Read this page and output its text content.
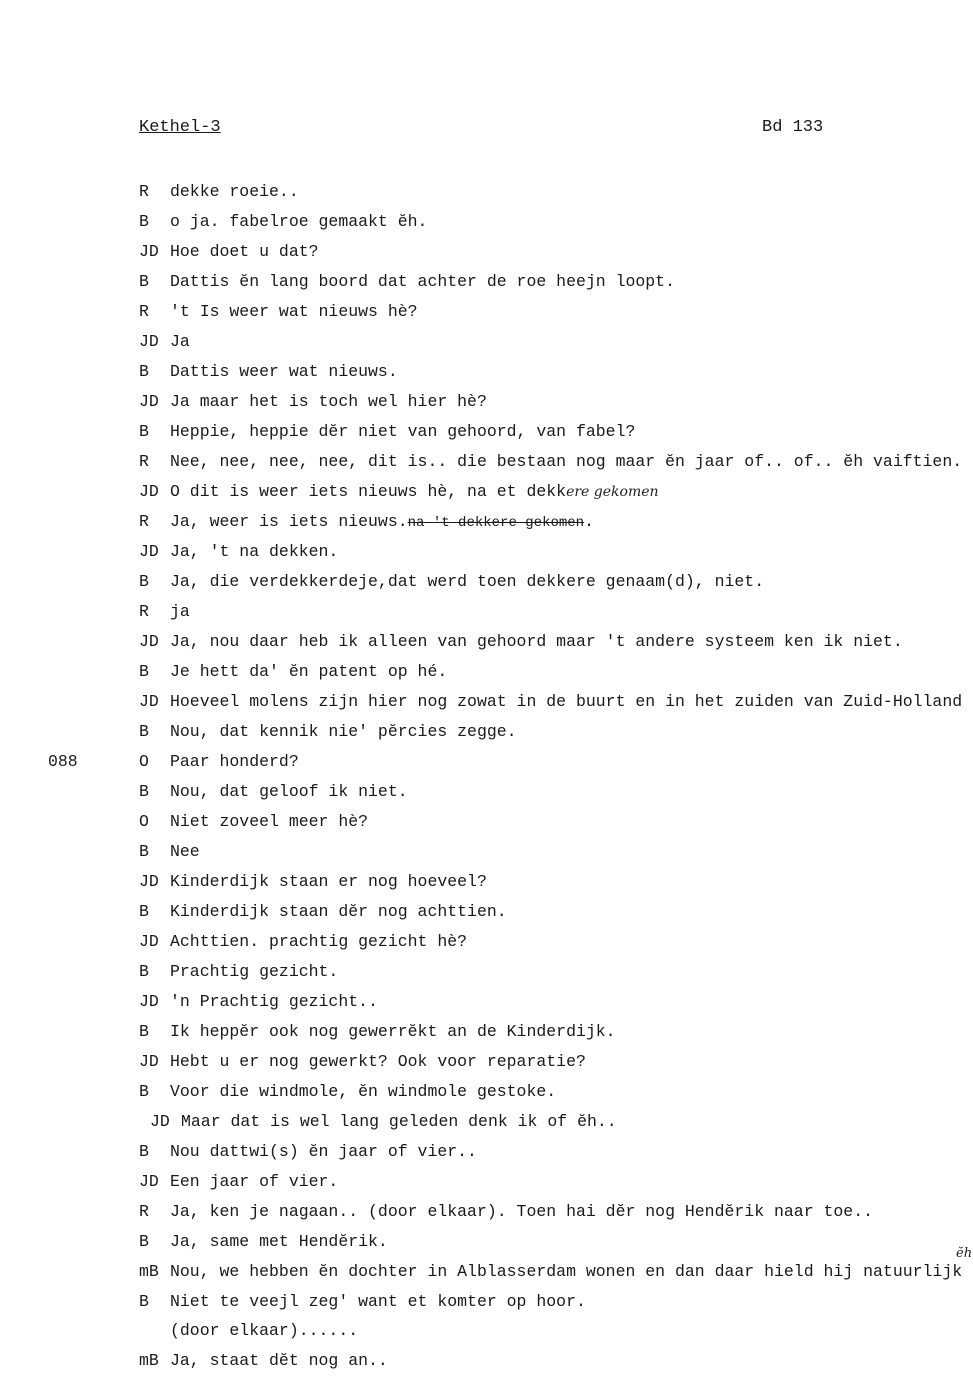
Kethel-3	Bd 133
088
ĕh
R dekke roeie..
B o ja. fabelroe gemaakt ĕh.
JD Hoe doet u dat?
B Dattis ĕn lang boord dat achter de roe heejn loopt.
R 't Is weer wat nieuws hè?
JD Ja
B Dattis weer wat nieuws.
JD Ja maar het is toch wel hier hè?
B Heppie, heppie dĕr niet van gehoord, van fabel?
R Nee, nee, nee, nee, dit is.. die bestaan nog maar ĕn jaar of.. of.. ĕh vaiftien.
JD O dit is weer iets nieuws hè, na et dekkere gekomen
R Ja, weer is iets nieuws.na 't dekkere gekomen.
JD Ja, 't na dekken.
B Ja, die verdekkerdeje,dat werd toen dekkere genaam(d), niet.
R ja
JD Ja, nou daar heb ik alleen van gehoord maar 't andere systeem ken ik niet.
B Je hett da' ĕn patent op hé.
JD Hoeveel molens zijn hier nog zowat in de buurt en in het zuiden van Zuid-Holland
B Nou, dat kennik nie' pĕrcies zegge.
O Paar honderd?
B Nou, dat geloof ik niet.
O Niet zoveel meer hè?
B Nee
JD Kinderdijk staan er nog hoeveel?
B Kinderdijk staan dĕr nog achttien.
JD Achttien. prachtig gezicht hè?
B Prachtig gezicht.
JD 'n Prachtig gezicht..
B Ik heppĕr ook nog gewerrĕkt an de Kinderdijk.
JD Hebt u er nog gewerkt? Ook voor reparatie?
B Voor die windmole, ĕn windmole gestoke.
JD Maar dat is wel lang geleden denk ik of ĕh..
B Nou dattwi(s) ĕn jaar of vier..
JD Een jaar of vier.
R Ja, ken je nagaan.. (door elkaar). Toen hai dĕr nog Hendĕrik naar toe..
B Ja, same met Hendĕrik.
mB Nou, we hebben ĕn dochter in Alblasserdam wonen en dan daar hield hij natuurlijk
B Niet te veejl zeg' want et komter op hoor.
(door elkaar)......
mB Ja, staat dĕt nog an..
